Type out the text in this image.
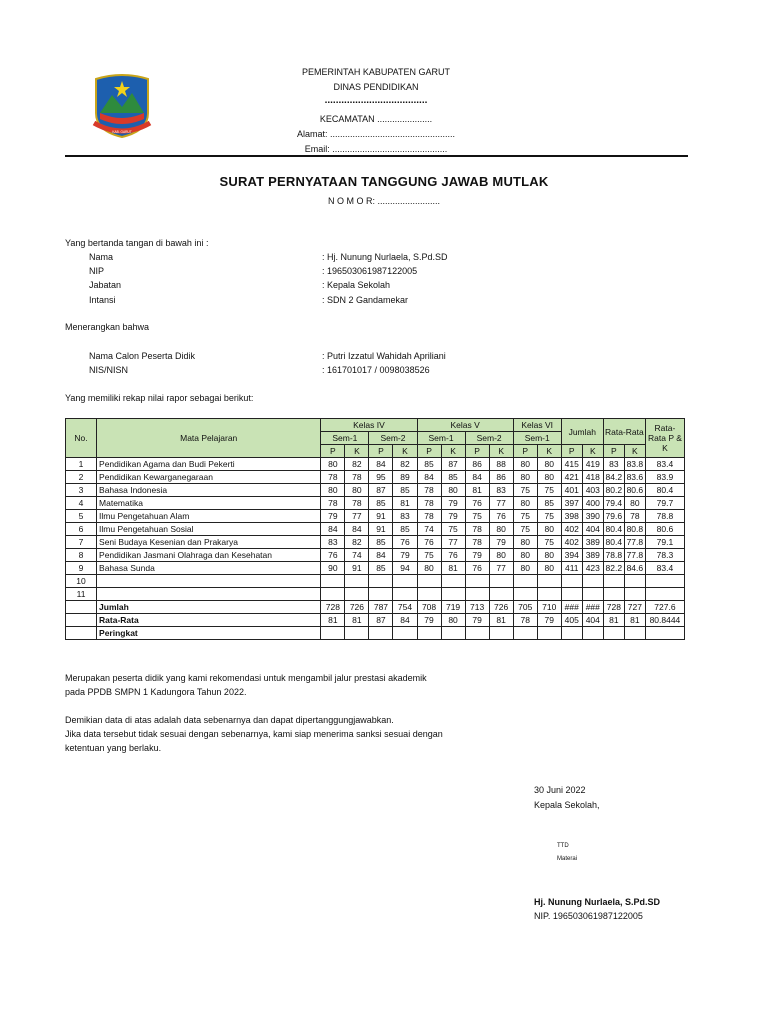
KAB. GARUT
PEMERINTAH KABUPATEN GARUT
DINAS PENDIDIKAN
.....................................
KECAMATAN ......................
Alamat: ..................................................
Email: ..............................................
SURAT PERNYATAAN TANGGUNG JAWAB MUTLAK
N O M O R: .........................
Yang bertanda tangan di bawah ini :
Nama	: Hj. Nunung Nurlaela, S.Pd.SD
NIP	: 196503061987122005
Jabatan	: Kepala Sekolah
Intansi	: SDN 2 Gandamekar
Menerangkan bahwa
Nama Calon Peserta Didik	: Putri Izzatul Wahidah Apriliani
NIS/NISN	: 161701017 / 0098038526
Yang memiliki rekap nilai rapor sebagai berikut:
No.	Mata Pelajaran	Kelas IV				Kelas V				Kelas VI		Jumlah		Rata-Rata		Rata-Rata P & K
		Sem-1		Sem-2		Sem-1		Sem-2		Sem-1						
		P	K	P	K	P	K	P	K	P	K	P	K	P	K	
1	Pendidikan Agama dan Budi Pekerti	80	82	84	82	85	87	86	88	80	80	415	419	83	83.8	83.4
2	Pendidikan Kewarganegaraan	78	78	95	89	84	85	84	86	80	80	421	418	84.2	83.6	83.9
3	Bahasa Indonesia	80	80	87	85	78	80	81	83	75	75	401	403	80.2	80.6	80.4
4	Matematika	78	78	85	81	78	79	76	77	80	85	397	400	79.4	80	79.7
5	Ilmu Pengetahuan Alam	79	77	91	83	78	79	75	76	75	75	398	390	79.6	78	78.8
6	Ilmu Pengetahuan Sosial	84	84	91	85	74	75	78	80	75	80	402	404	80.4	80.8	80.6
7	Seni Budaya Kesenian dan Prakarya	83	82	85	76	76	77	78	79	80	75	402	389	80.4	77.8	79.1
8	Pendidikan Jasmani Olahraga dan Kesehatan	76	74	84	79	75	76	79	80	80	80	394	389	78.8	77.8	78.3
9	Bahasa Sunda	90	91	85	94	80	81	76	77	80	80	411	423	82.2	84.6	83.4
10																
11																
	Jumlah	728	726	787	754	708	719	713	726	705	710	###	###	728	727	727.6
	Rata-Rata	81	81	87	84	79	80	79	81	78	79	405	404	81	81	80.8444
	Peringkat															
Merupakan peserta didik yang kami rekomendasi untuk mengambil jalur prestasi akademik
pada PPDB SMPN 1 Kadungora Tahun 2022.
Demikian data di atas adalah data sebenarnya dan dapat dipertanggungjawabkan.
Jika data tersebut tidak sesuai dengan sebenarnya, kami siap menerima sanksi sesuai dengan
ketentuan yang berlaku.
30 Juni 2022
Kepala Sekolah,
TTD
Materai
Hj. Nunung Nurlaela, S.Pd.SD
NIP. 196503061987122005
